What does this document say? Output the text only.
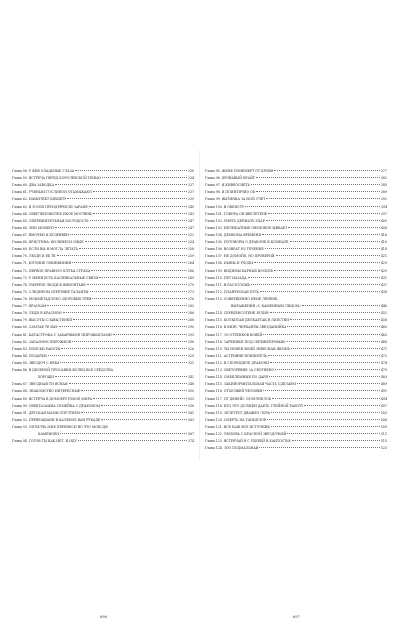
Глава 58. У ФЕЯ ОЛАДЬНЫЕ ГЛАЗА	230
Глава 59. ВСТРЕЧА ПЕРЕД КОРОЛЕВСКОЙ ТЕНЬЮ	234
Глава 60. ДВА ЗАВОДКА	237
Глава 61. УЧЕНЫМ ГОСЛИНОИ ОТАМЫКАЮТ	237
Глава 62. НАМИТЕКТ ЩЕЩЕТУ	239
Глава 63. В ЗОЗОИ ПРИЗДРВЧИЛИ ЗАРАНЕ	240
Глава 64. СВЕРЛЕНОИЮТЕЕ ИКОЕ МОЛЧЕНЬ	243
Глава 65. ОПЕРЕЖИТЕЛЬНАЯ МОЛОДОСТЬ	247
Глава 66. ЭНИ МОМЕНТ	247
Глава 67. ВМОЧЕН И КУДРЯВЕН	252
Глава 68. КРИСТИНА: ФОЛИНЕСИ СНЫЕ	254
Глава 69. ЕСЛИ ВЫ Я МОГЛА ЛЕТАТЬ	258
Глава 70. ЛЮДИ И ЕБ ТЕ	259
Глава 71. ЮТОНИЕ ОМИНКИИНЯ	264
Глава 72. ПЕРВОЕ ПРАВИЛО КЛУБА СТРАХА	286
Глава 73. У МЕНЯ ЕСТЬ КАЛИНЕАЛЬНЫЕ СВЯЗИ	289
Глава 74. УМЕРЕЗЕ ЛЮДИ В ФИНОНТЬИЕ	270
Глава 75. СЛЕДНЕОМ СЕРЕТЯНЕ ТАЛАНТЫ	273
Глава 76. МОИМЕТАДЛОКО ЗДОРОВЫХ ТРЕВ	276
Глава 77. КРАСКАМ	282
Глава 78. ЛЕДИ В КРАСНОМ	286
Глава 79. ВЫСОТЫ СЛАВЫ ТЕНЕЙ	288
Глава 80. САМТАЕ ТЕ ЯАУ	290
Глава 81. КАТАСТРОФА С ЗАБАРНЫМИ ПИРОЖКИЛАМИ	293
Глава 82. ЗАБАЗНОМ ПИРОЖКОВ	296
Глава 83. ПОИСКИ РАБОТЫ	326
Глава 84. ПОДАРКИ	329
Глава 85. ЗВЕЗДОЧ С НЕБА	331
Глава 86. В ДИЗЕНОЙ ПРОСАВНИ ВОЛЕЦ ВСЕ СРЕДСТВА
ХОРОШИ	342
Глава 87. ЗВЕЗДНАЯ ТИ ЯСНАЯ	348
Глава 88. ЗНАКОМСТВО ИНТЕРЕСНЫЕ	350
Глава 89. ВСТРЕЧА В ДОМОЕРСТОМОЕ МИРА	353
Глава 90. СВЕКТАЗАЫНА СЕМЕЙКА С ДРАКОНОМ	356
Глава 91. ДЕТСКАЯ МАМИ ОПУЛТЕЕМ	361
Глава 92. ПРЕВРАЩАНИ В КАЛЕНОБ ВАН РУКАДЕ	363
Глава 93. ОПТИЛЧЬ МИЕ ПЕРЕНЕСИ ВО ЧТО МОЕСДЯ
КАМЕНОЕН	367
Глава 94. ГОТОВ ТЫ КАК НЕТ, Я ИДУ	374
696
Глава 95. ЖЕНЕ ПОНЕМЕРТ ОТ КРОВИ	377
Глава 96. КРОВАВЫЙ ВРАЙТ	382
Глава 97. Я КИВЕОСИЕТЬ	385
Глава 98. Я ПОИНТИЧИО ОЕ	389
Глава 99. ВЫТИНКА ЗА МОЙ СЧЕТ	392
Глава 100. В ОКЕНСТУ	394
Глава 101. ГОВОРА ОН ВЕЕЛЕТЕНЕ	397
Глава 102. УМЕТЬ ДЕРЖАТЬ УДАР	405
Глава 103. НЕЛЕШАТНЫЕ ОВРДОНОЕ ЫВКАЕТ	408
Глава 104. ДЕМБОНА ВРЕМЕНИ	416
Глава 105. ПОТОВОРЫ О ДРАКОНЕ В КОМНАТЕ	416
Глава 106. ВОЗВРАТ ИЗ ТЕЧЕНИЕ	418
Глава 107. НЕ ДОМОЙЕ, НО ПРОВЕРИЙ	421
Глава 108. ИЫНЫ И УХОДИ	429
Глава 109. ВИДИМЫ БАРНЫХ ВОСКОВ	429
Глава 110. ПЕТ НАЗАДА	431
Глава 111. В РАСТОЛОЖЬ	437
Глава 112. ПЛАВЧЕСКАЯ ПУТЬ	438
Глава 113. СОВЕРШЕННО НЕНЕ ЛЕНЕНЕ,
ВЫРАЖЕНИЯ «С КАМЕННЫМ ЛИЦОМ»	446
Глава 114. СЕРЕБЕНСОТЕНЕ ЗЕЛИН	451
Глава 115. КОЛКИТАЯ ДЕЛКАЕТАК В ЛИЕСТНИ	458
Глава 116. В КИНС ЧЕРКАНТЫ ЗВЕЗДАНИЙКА	460
Глава 117. ЗО ОТТЕНКОВ КОВЕЙ	463
Глава 118. ЗАРЕНИКИ ПОД СЕРЕЖЕПРОВЫЮ	468
Глава 119. ТЫ НОНЕН ВОИЙ ЗНЕЕСНАЯ ЖИЗНЬ	471
Глава 111. АСТРИЯНЕ-ПОКИНТЕЛЬ	472
Глава 112. В СПОРИДНОЕ ДРАКОНИ	474
Глава 113. СВЕТОРЕВНЕ ЗА СВОТНЕНО	479
Глава 114. СМЕКЛЕМНЫЕ ПО ДАРЯ	483
Глава 115. ЗАКИЙОРМИТАЛЬНАЯ ЧАСТЬ СДЕЛАЕМ	489
Глава 116. ОТЪЕЗЖЕЙ ЧЕЛОВЕК	491
Глава 117. ОТ ДЕНЕЙС ОГОЕЛНЕЛОБ	494
Глава 118. КТО ЭТО ДОЛЖЕН ДАЕТЬ ГЛЕЙНОЙ РАБОТУ	497
Глава 119. ЗЕЛЕТТЕЛ ДВАЖЕЭ ЛОРА	503
Глава 120. СМЕРТЬ НА ТАНЦПЛОЕ	506
Глава 121. ВСЕ БАЖ ВСЕ ИСТОЧНИК	509
Глава 122. ЛЮБОВЬ С КРАСНОЙ ЗВЕЗДОЧЬЕЙ	511
Глава 123. ВСТРЕЧАЙ В С УХЕЕЕЙ В БАНТОСТЬЕ	515
Глава 124. ЗОО ПОДМАЛЬНАЯ	523
697
